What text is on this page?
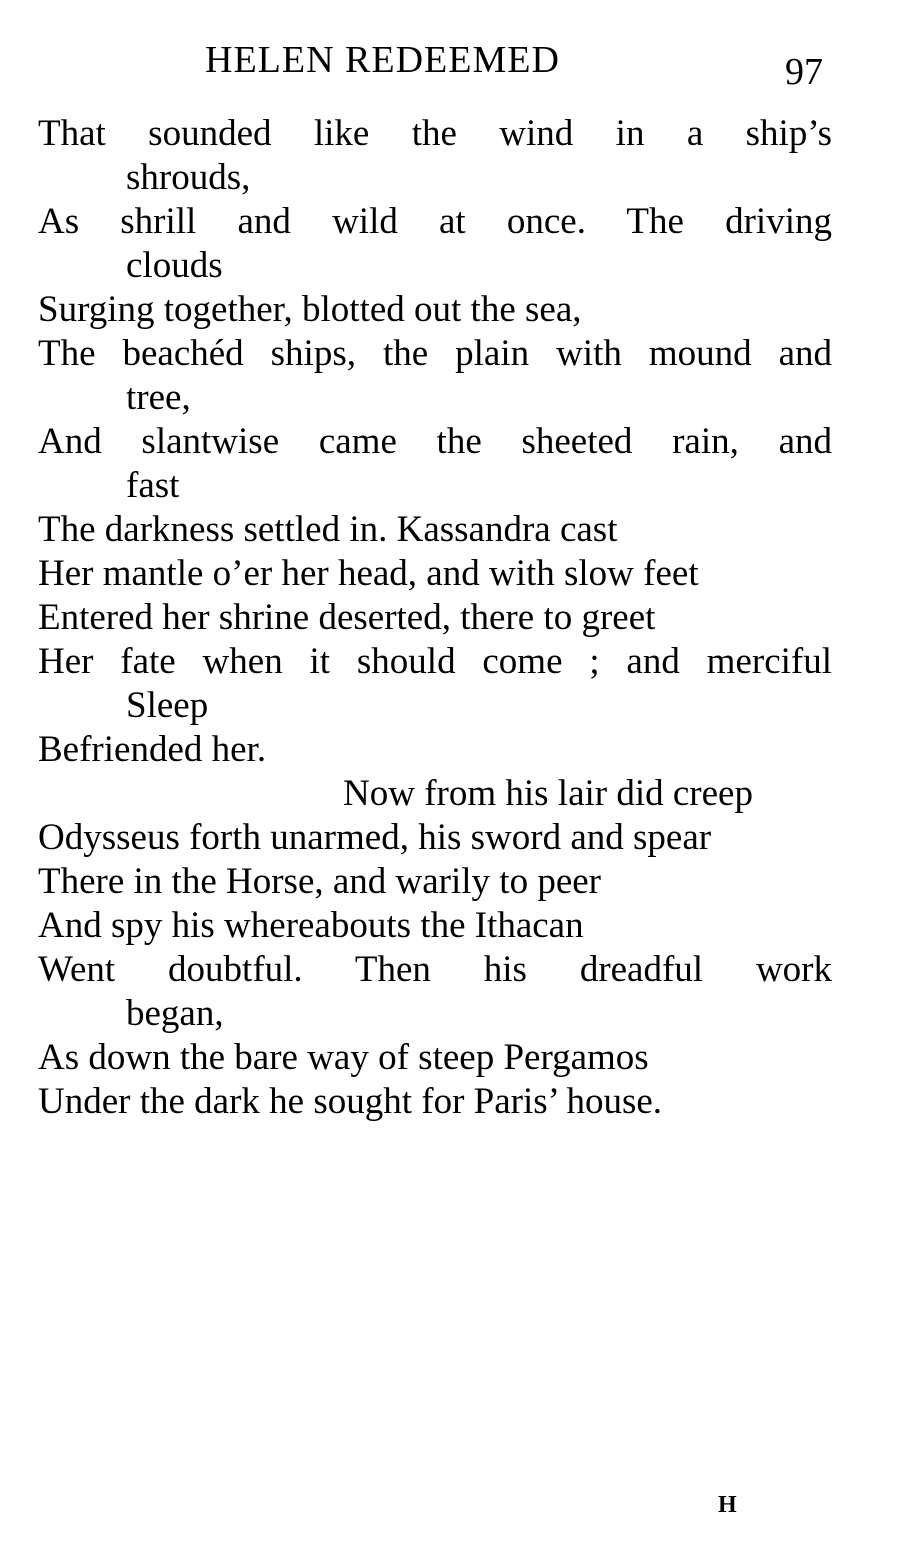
HELEN REDEEMED	97
That sounded like the wind in a ship’s
shrouds,
As shrill and wild at once. The driving
clouds
Surging together, blotted out the sea,
The beachéd ships, the plain with mound and
tree,
And slantwise came the sheeted rain, and
fast
The darkness settled in. Kassandra cast
Her mantle o’er her head, and with slow feet
Entered her shrine deserted, there to greet
Her fate when it should come ; and merciful
Sleep
Befriended her.
Now from his lair did creep
Odysseus forth unarmed, his sword and spear
There in the Horse, and warily to peer
And spy his whereabouts the Ithacan
Went doubtful. Then his dreadful work
began,
As down the bare way of steep Pergamos
Under the dark he sought for Paris’ house.
H
